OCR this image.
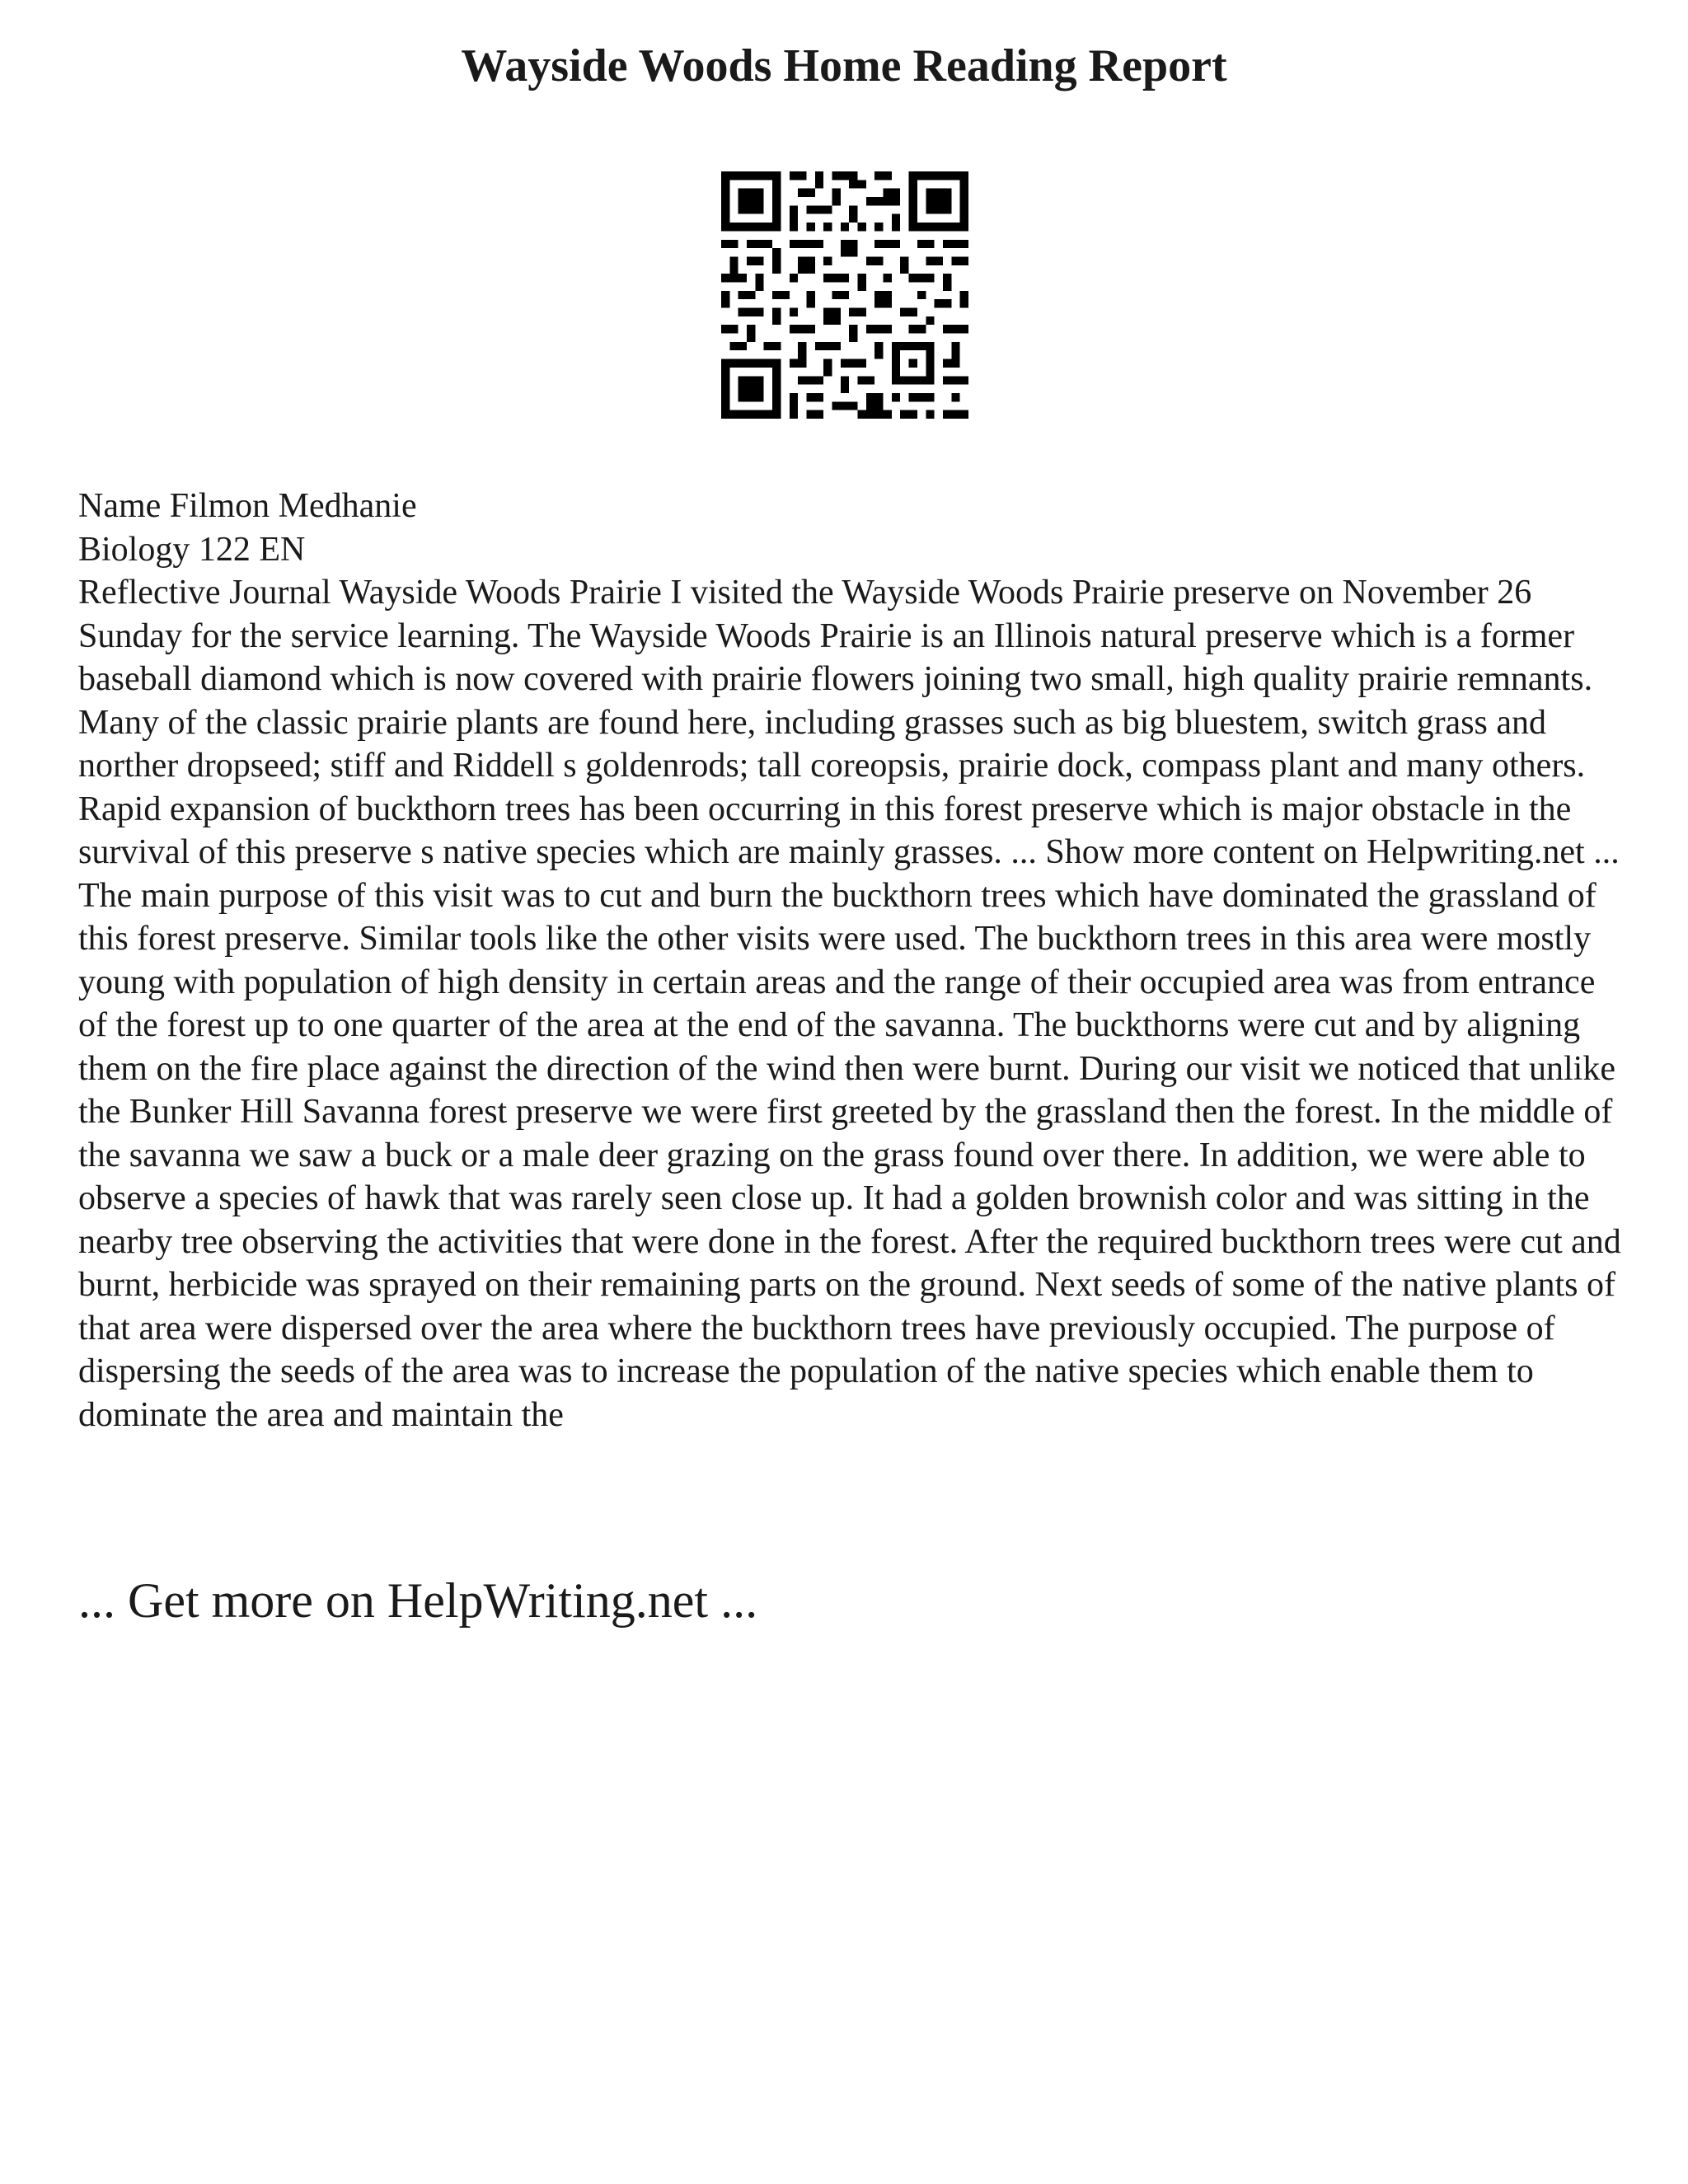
Wayside Woods Home Reading Report

Name Filmon Medhanie

Biology 122 EN

Reflective Journal Wayside Woods Prairie I visited the Wayside Woods Prairie preserve on November 26 Sunday for the service learning. The Wayside Woods Prairie is an Illinois natural preserve which is a former baseball diamond which is now covered with prairie flowers joining two small, high quality prairie remnants. Many of the classic prairie plants are found here, including grasses such as big bluestem, switch grass and norther dropseed; stiff and Riddell s goldenrods; tall coreopsis, prairie dock, compass plant and many others. Rapid expansion of buckthorn trees has been occurring in this forest preserve which is major obstacle in the survival of this preserve s native species which are mainly grasses. ... Show more content on Helpwriting.net ...

The main purpose of this visit was to cut and burn the buckthorn trees which have dominated the grassland of this forest preserve. Similar tools like the other visits were used. The buckthorn trees in this area were mostly young with population of high density in certain areas and the range of their occupied area was from entrance of the forest up to one quarter of the area at the end of the savanna. The buckthorns were cut and by aligning them on the fire place against the direction of the wind then were burnt. During our visit we noticed that unlike the Bunker Hill Savanna forest preserve we were first greeted by the grassland then the forest. In the middle of the savanna we saw a buck or a male deer grazing on the grass found over there. In addition, we were able to observe a species of hawk that was rarely seen close up. It had a golden brownish color and was sitting in the nearby tree observing the activities that were done in the forest. After the required buckthorn trees were cut and burnt, herbicide was sprayed on their remaining parts on the ground. Next seeds of some of the native plants of that area were dispersed over the area where the buckthorn trees have previously occupied. The purpose of dispersing the seeds of the area was to increase the population of the native species which enable them to dominate the area and maintain the

... Get more on HelpWriting.net ...
